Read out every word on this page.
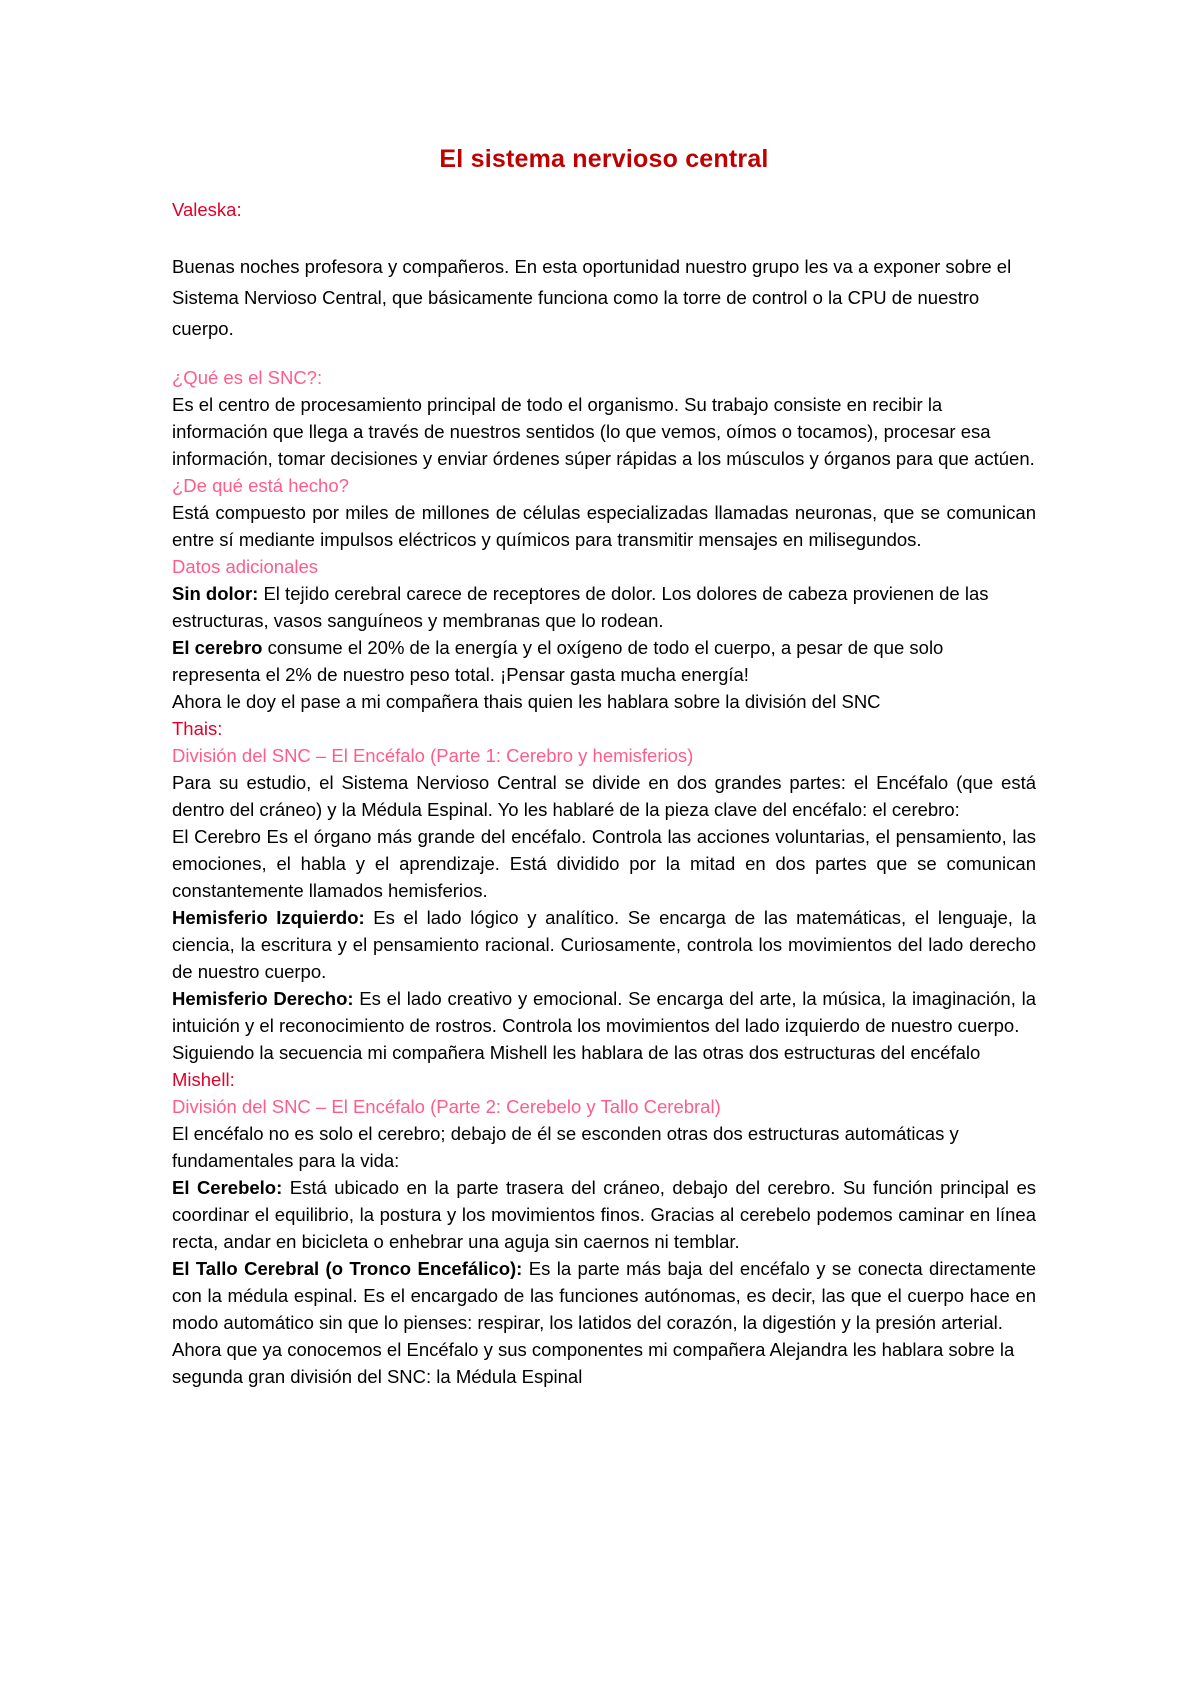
El sistema nervioso central

Valeska:

Buenas noches profesora y compañeros. En esta oportunidad nuestro grupo les va a exponer sobre el Sistema Nervioso Central, que básicamente funciona como la torre de control o la CPU de nuestro cuerpo.

¿Qué es el SNC?:

Es el centro de procesamiento principal de todo el organismo. Su trabajo consiste en recibir la información que llega a través de nuestros sentidos (lo que vemos, oímos o tocamos), procesar esa información, tomar decisiones y enviar órdenes súper rápidas a los músculos y órganos para que actúen.

¿De qué está hecho?

Está compuesto por miles de millones de células especializadas llamadas neuronas, que se comunican entre sí mediante impulsos eléctricos y químicos para transmitir mensajes en milisegundos.

Datos adicionales

Sin dolor: El tejido cerebral carece de receptores de dolor. Los dolores de cabeza provienen de las estructuras, vasos sanguíneos y membranas que lo rodean.

El cerebro consume el 20% de la energía y el oxígeno de todo el cuerpo, a pesar de que solo representa el 2% de nuestro peso total. ¡Pensar gasta mucha energía!

Ahora le doy el pase a mi compañera thais quien les hablara sobre la división del SNC

Thais:

División del SNC – El Encéfalo (Parte 1: Cerebro y hemisferios)

Para su estudio, el Sistema Nervioso Central se divide en dos grandes partes: el Encéfalo (que está dentro del cráneo) y la Médula Espinal. Yo les hablaré de la pieza clave del encéfalo: el cerebro:

El Cerebro Es el órgano más grande del encéfalo. Controla las acciones voluntarias, el pensamiento, las emociones, el habla y el aprendizaje. Está dividido por la mitad en dos partes que se comunican constantemente llamados hemisferios.

Hemisferio Izquierdo: Es el lado lógico y analítico. Se encarga de las matemáticas, el lenguaje, la ciencia, la escritura y el pensamiento racional. Curiosamente, controla los movimientos del lado derecho de nuestro cuerpo.

Hemisferio Derecho: Es el lado creativo y emocional. Se encarga del arte, la música, la imaginación, la intuición y el reconocimiento de rostros. Controla los movimientos del lado izquierdo de nuestro cuerpo.

Siguiendo la secuencia mi compañera Mishell les hablara de las otras dos estructuras del encéfalo

Mishell:

División del SNC – El Encéfalo (Parte 2: Cerebelo y Tallo Cerebral)

El encéfalo no es solo el cerebro; debajo de él se esconden otras dos estructuras automáticas y fundamentales para la vida:

El Cerebelo: Está ubicado en la parte trasera del cráneo, debajo del cerebro. Su función principal es coordinar el equilibrio, la postura y los movimientos finos. Gracias al cerebelo podemos caminar en línea recta, andar en bicicleta o enhebrar una aguja sin caernos ni temblar.

El Tallo Cerebral (o Tronco Encefálico): Es la parte más baja del encéfalo y se conecta directamente con la médula espinal. Es el encargado de las funciones autónomas, es decir, las que el cuerpo hace en modo automático sin que lo pienses: respirar, los latidos del corazón, la digestión y la presión arterial.

Ahora que ya conocemos el Encéfalo y sus componentes mi compañera Alejandra les hablara sobre la segunda gran división del SNC: la Médula Espinal
